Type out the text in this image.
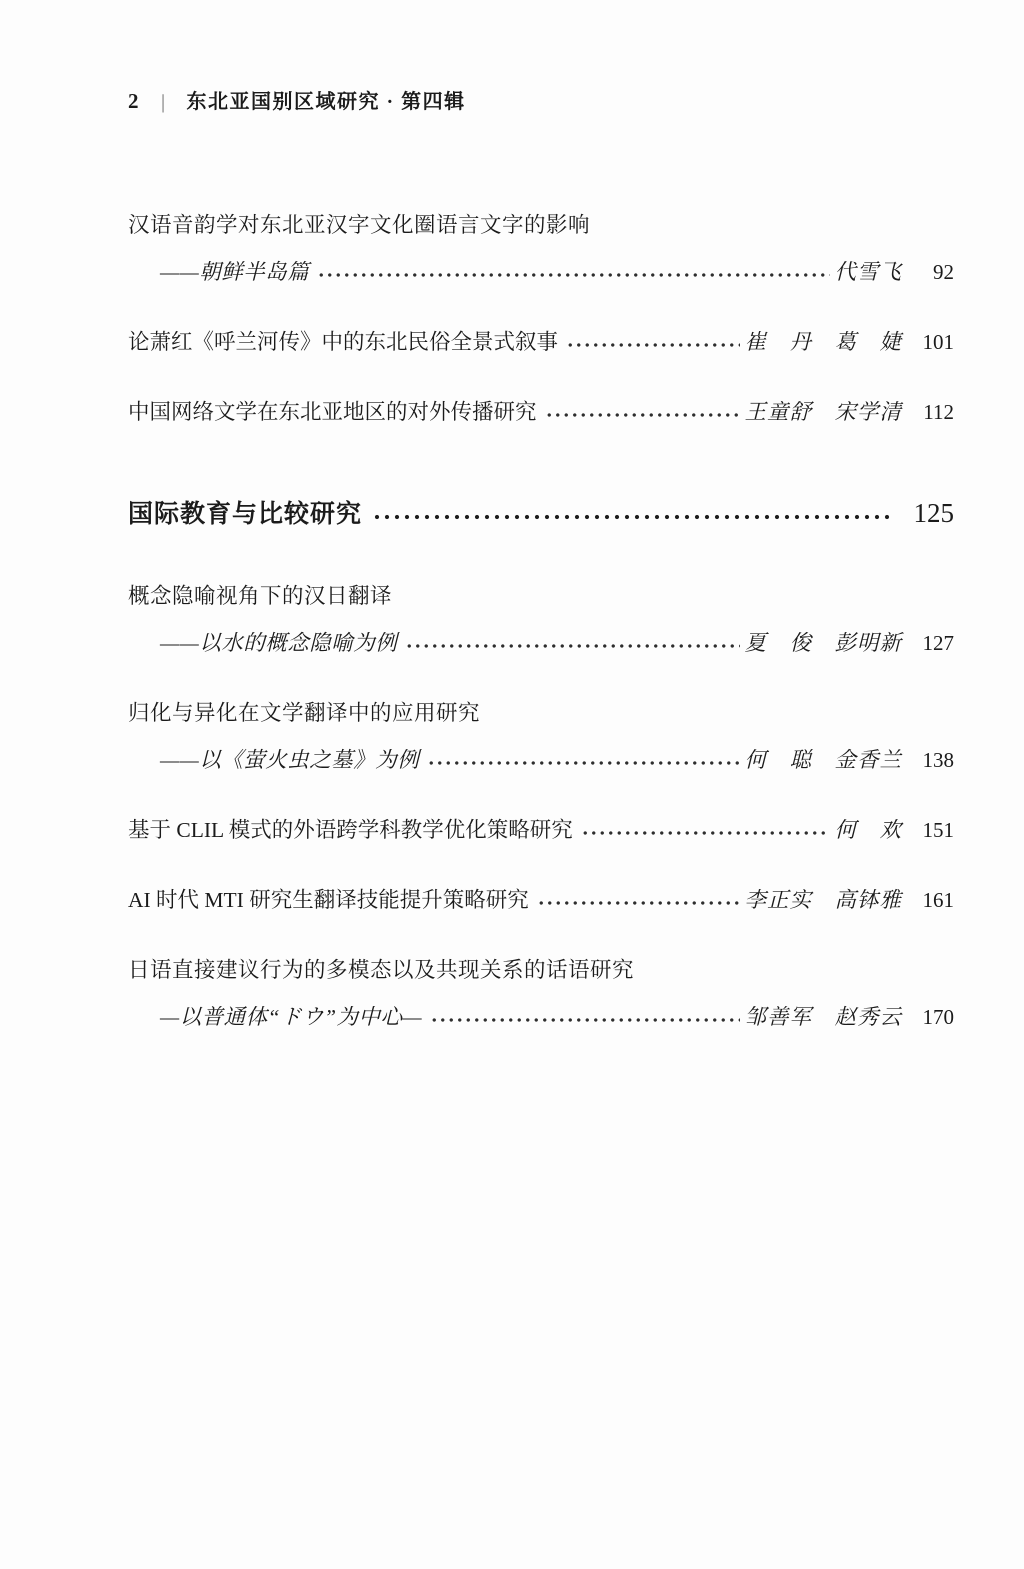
2 | 东北亚国别区域研究 · 第四辑
汉语音韵学对东北亚汉字文化圈语言文字的影响
——朝鲜半岛篇	代雪飞	92
论萧红《呼兰河传》中的东北民俗全景式叙事	崔　丹　葛　婕 101
中国网络文学在东北亚地区的对外传播研究	王童舒　宋学清	112
国际教育与比较研究	125
概念隐喻视角下的汉日翻译
——以水的概念隐喻为例	夏　俊　彭明新 127
归化与异化在文学翻译中的应用研究
——以《萤火虫之墓》为例	何　聪　金香兰 138
基于 CLIL 模式的外语跨学科教学优化策略研究	何　欢 151
AI 时代 MTI 研究生翻译技能提升策略研究	李正实　高钵雅 161
日语直接建议行为的多模态以及共现关系的话语研究
—以普通体“ドウ”为中心—	邹善军　赵秀云 170
